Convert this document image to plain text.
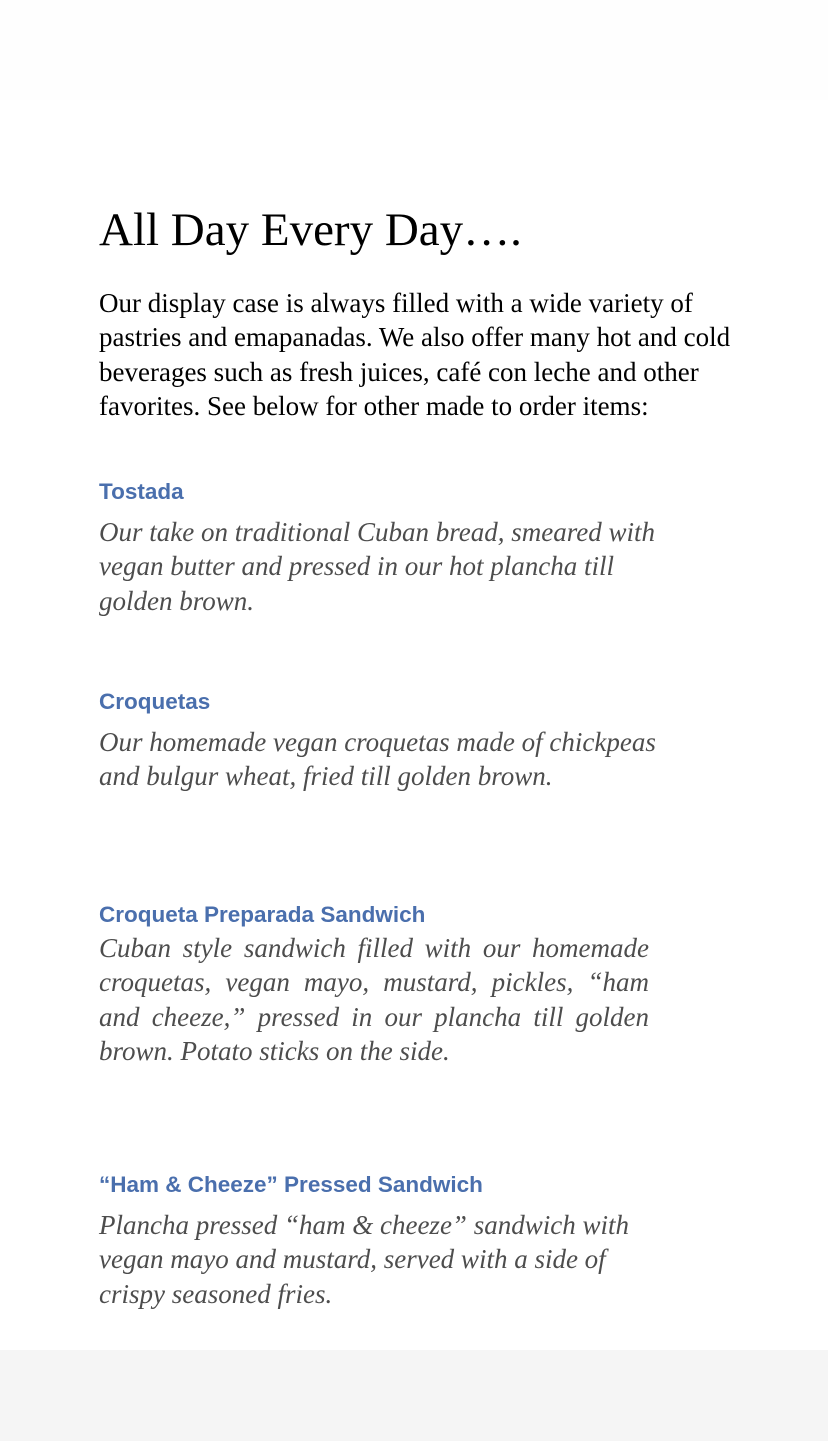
All Day Every Day….

Our display case is always filled with a wide variety of pastries and emapanadas. We also offer many hot and cold beverages such as fresh juices, café con leche and other favorites. See below for other made to order items:

Tostada

Our take on traditional Cuban bread, smeared with vegan butter and pressed in our hot plancha till golden brown.

Croquetas

Our homemade vegan croquetas made of chickpeas and bulgur wheat, fried till golden brown.

Croqueta Preparada Sandwich

Cuban style sandwich filled with our homemade croquetas, vegan mayo, mustard, pickles, “ham and cheeze,” pressed in our plancha till golden brown. Potato sticks on the side.

“Ham & Cheeze” Pressed Sandwich

Plancha pressed “ham & cheeze” sandwich with vegan mayo and mustard, served with a side of crispy seasoned fries.
